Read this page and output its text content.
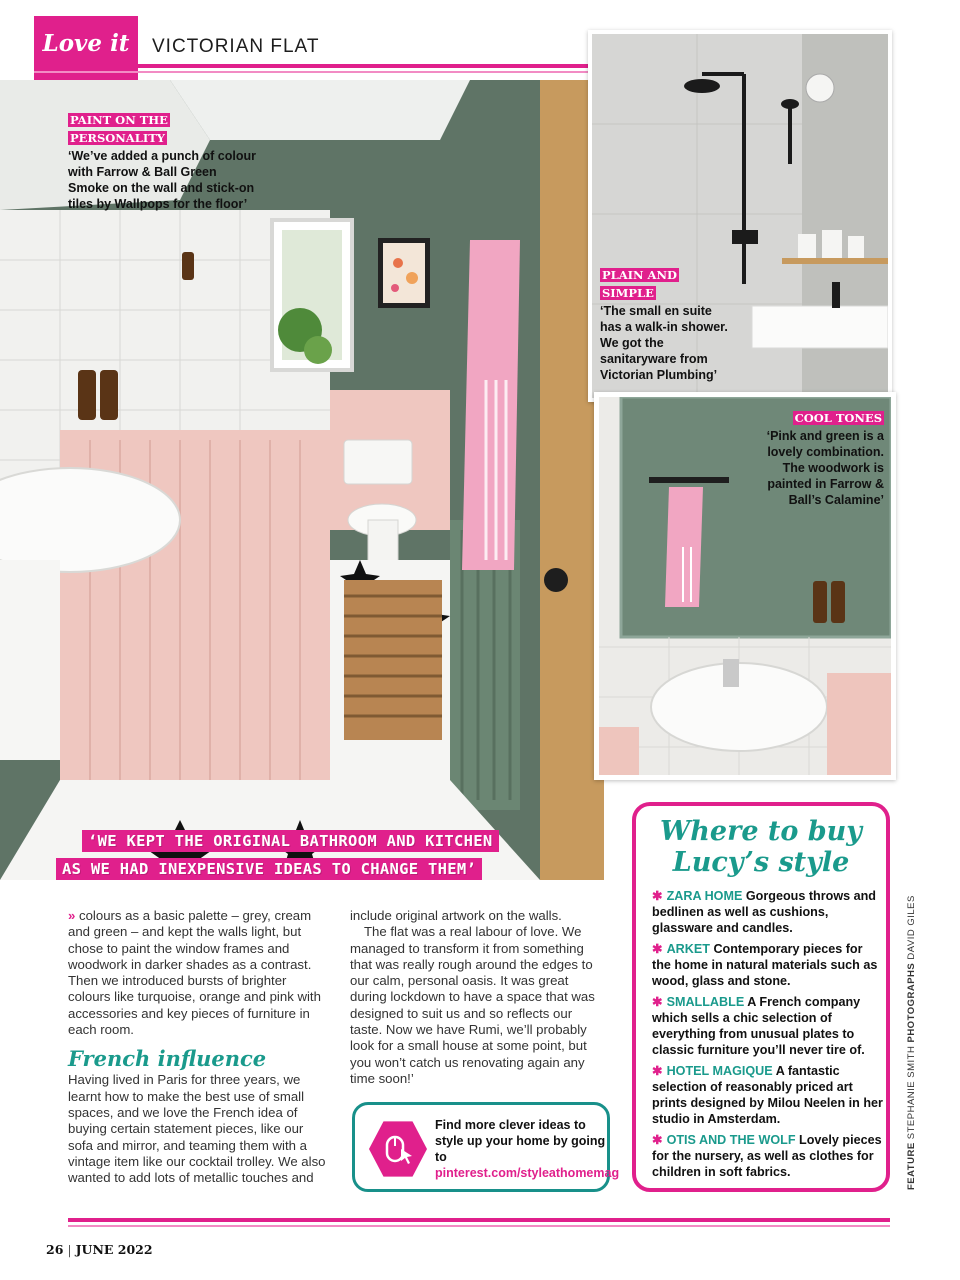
Love it	VICTORIAN FLAT
PAINT ON THE PERSONALITY
‘We’ve added a punch of colour with Farrow & Ball Green Smoke on the wall and stick-on tiles by Wallpops for the floor’
PLAIN AND SIMPLE
‘The small en suite has a walk-in shower. We got the sanitaryware from Victorian Plumbing’
COOL TONES
‘Pink and green is a lovely combination. The woodwork is painted in Farrow & Ball’s Calamine’
‘WE KEPT THE ORIGINAL BATHROOM AND KITCHEN
AS WE HAD INEXPENSIVE IDEAS TO CHANGE THEM’

» colours as a basic palette – grey, cream and green – and kept the walls light, but chose to paint the window frames and woodwork in darker shades as a contrast. Then we introduced bursts of brighter colours like turquoise, orange and pink with accessories and key pieces of furniture in each room.

French influence

Having lived in Paris for three years, we learnt how to make the best use of small spaces, and we love the French idea of buying certain statement pieces, like our sofa and mirror, and teaming them with a vintage item like our cocktail trolley. We also wanted to add lots of metallic touches and

include original artwork on the walls.

The flat was a real labour of love. We managed to transform it from something that was really rough around the edges to our calm, personal oasis. It was great during lockdown to have a space that was designed to suit us and so reflects our taste. Now we have Rumi, we’ll probably look for a small house at some point, but you won’t catch us renovating again any time soon!’

Find more clever ideas to style up your home by going to pinterest.com/styleathomemag
Where to buy
Lucy’s style
✱ ZARA HOME Gorgeous throws and bedlinen as well as cushions, glassware and candles.
✱ ARKET Contemporary pieces for the home in natural materials such as wood, glass and stone.
✱ SMALLABLE A French company which sells a chic selection of everything from unusual plates to classic furniture you’ll never tire of.
✱ HOTEL MAGIQUE A fantastic selection of reasonably priced art prints designed by Milou Neelen in her studio in Amsterdam.
✱ OTIS AND THE WOLF Lovely pieces for the nursery, as well as clothes for children in soft fabrics.	FEATURE STEPHANIE SMITH PHOTOGRAPHS DAVID GILES
26 | JUNE 2022
